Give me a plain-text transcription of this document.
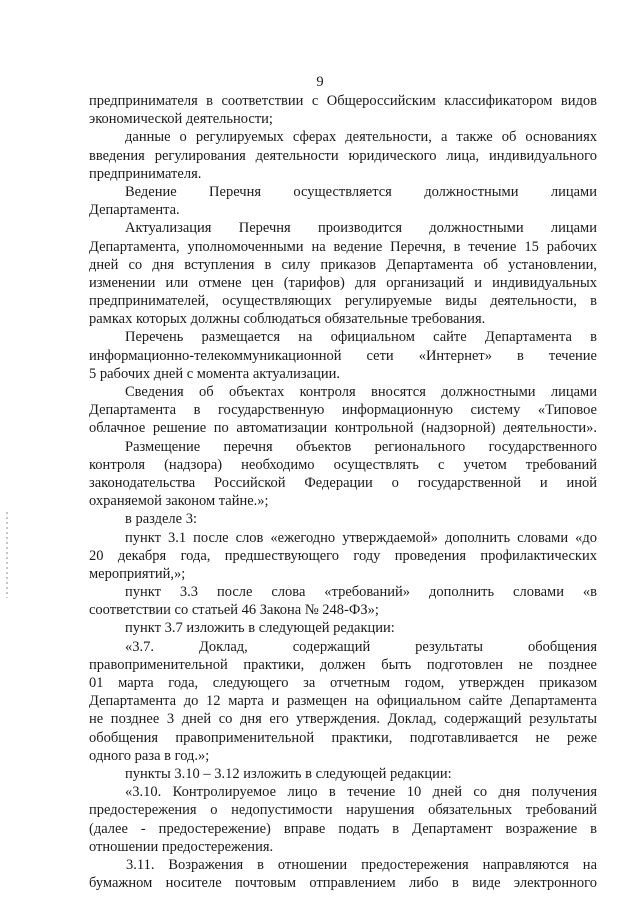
9
предпринимателя в соответствии с Общероссийским классификатором видов
экономической деятельности;
данные о регулируемых сферах деятельности, а также об основаниях
введения регулирования деятельности юридического лица, индивидуального
предпринимателя.
Ведение Перечня осуществляется должностными лицами
Департамента.
Актуализация Перечня производится должностными лицами
Департамента, уполномоченными на ведение Перечня, в течение 15 рабочих
дней со дня вступления в силу приказов Департамента об установлении,
изменении или отмене цен (тарифов) для организаций и индивидуальных
предпринимателей, осуществляющих регулируемые виды деятельности, в
рамках которых должны соблюдаться обязательные требования.
Перечень размещается на официальном сайте Департамента в
информационно-телекоммуникационной сети «Интернет» в течение
5 рабочих дней с момента актуализации.
Сведения об объектах контроля вносятся должностными лицами
Департамента в государственную информационную систему «Типовое
облачное решение по автоматизации контрольной (надзорной) деятельности».
Размещение перечня объектов регионального государственного
контроля (надзора) необходимо осуществлять с учетом требований
законодательства Российской Федерации о государственной и иной
охраняемой законом тайне.»;
в разделе 3:
пункт 3.1 после слов «ежегодно утверждаемой» дополнить словами «до
20 декабря года, предшествующего году проведения профилактических
мероприятий,»;
пункт 3.3 после слова «требований» дополнить словами «в
соответствии со статьей 46 Закона № 248-ФЗ»;
пункт 3.7 изложить в следующей редакции:
«3.7. Доклад, содержащий результаты обобщения
правоприменительной практики, должен быть подготовлен не позднее
01 марта года, следующего за отчетным годом, утвержден приказом
Департамента до 12 марта и размещен на официальном сайте Департамента
не позднее 3 дней со дня его утверждения. Доклад, содержащий результаты
обобщения правоприменительной практики, подготавливается не реже
одного раза в год.»;
пункты 3.10 – 3.12 изложить в следующей редакции:
«3.10. Контролируемое лицо в течение 10 дней со дня получения
предостережения о недопустимости нарушения обязательных требований
(далее - предостережение) вправе подать в Департамент возражение в
отношении предостережения.
3.11. Возражения в отношении предостережения направляются на
бумажном носителе почтовым отправлением либо в виде электронного
